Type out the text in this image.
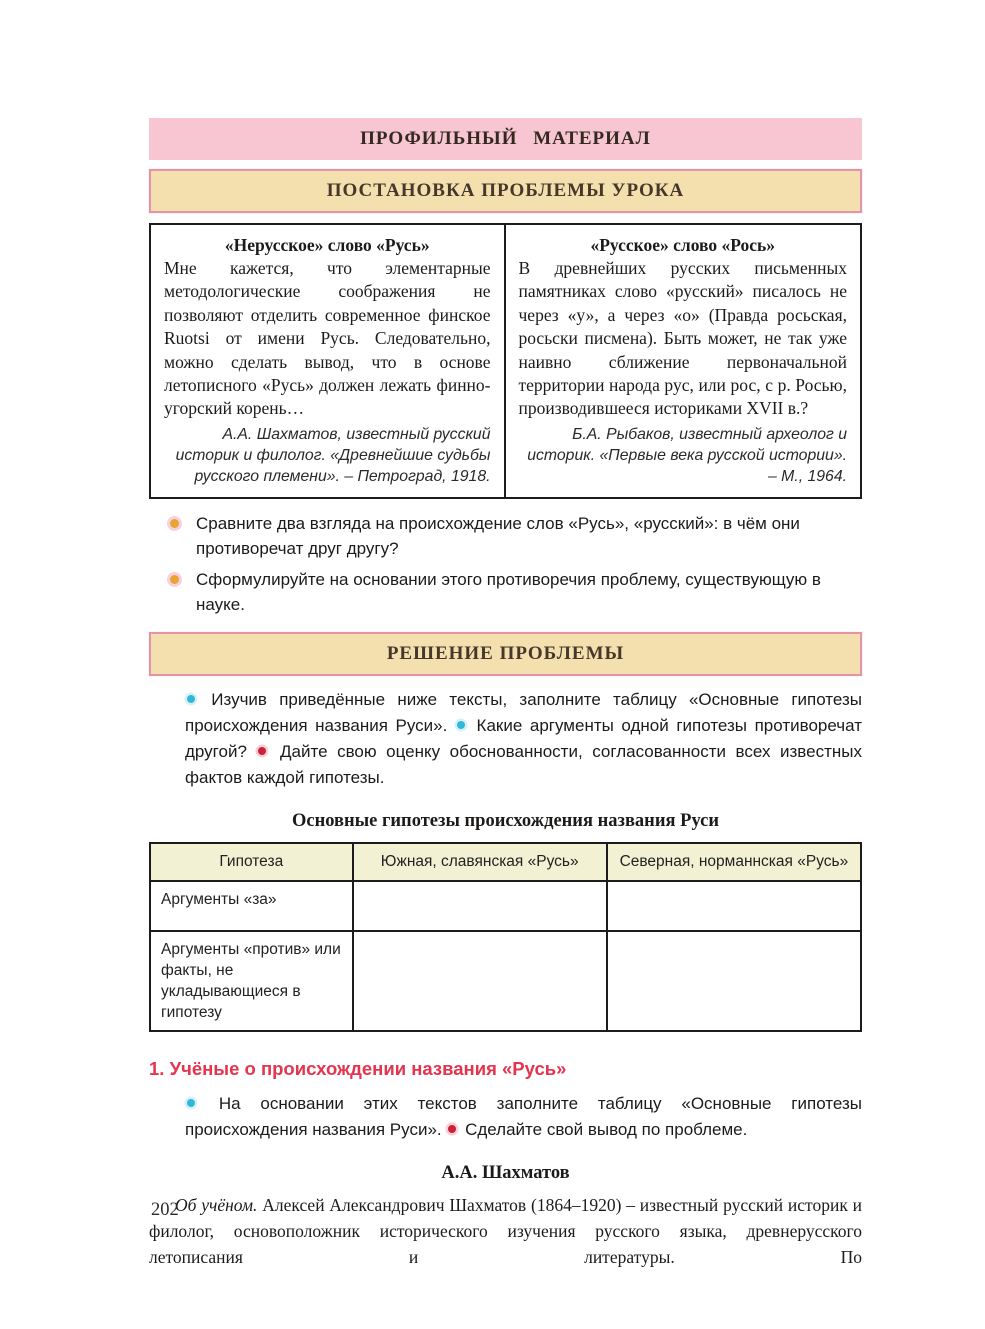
ПРОФИЛЬНЫЙ МАТЕРИАЛ
ПОСТАНОВКА ПРОБЛЕМЫ УРОКА
«Нерусское» слово «Русь»
Мне кажется, что элементарные методологические соображения не позволяют отделить современное финское Ruotsi от имени Русь. Следовательно, можно сделать вывод, что в основе летописного «Русь» должен лежать финно-угорский корень…
А.А. Шахматов, известный русский историк и филолог. «Древнейшие судьбы русского племени». – Петроград, 1918.
«Русское» слово «Рось»
В древнейших русских письменных памятниках слово «русский» писалось не через «у», а через «о» (Правда росьская, росьски писмена). Быть может, не так уже наивно сближение первоначальной территории народа рус, или рос, с р. Росью, производившееся историками XVII в.?
Б.А. Рыбаков, известный археолог и историк. «Первые века русской истории». – М., 1964.
Сравните два взгляда на происхождение слов «Русь», «русский»: в чём они противоречат друг другу?
Сформулируйте на основании этого противоречия проблему, существующую в науке.
РЕШЕНИЕ ПРОБЛЕМЫ

Изучив приведённые ниже тексты, заполните таблицу «Основные гипотезы происхождения названия Руси». Какие аргументы одной гипотезы противоречат другой? Дайте свою оценку обоснованности, согласованности всех известных фактов каждой гипотезы.

Основные гипотезы происхождения названия Руси
Гипотеза	Южная, славянская «Русь»	Северная, норманнская «Русь»
Аргументы «за»		
Аргументы «против» или факты, не укладывающиеся в гипотезу		
1. Учёные о происхождении названия «Русь»

На основании этих текстов заполните таблицу «Основные гипотезы происхождения названия Руси». Сделайте свой вывод по проблеме.

А.А. Шахматов

Об учёном. Алексей Александрович Шахматов (1864–1920) – известный русский историк и филолог, основоположник исторического изучения русского языка, древнерусского летописания и литературы. По

202
